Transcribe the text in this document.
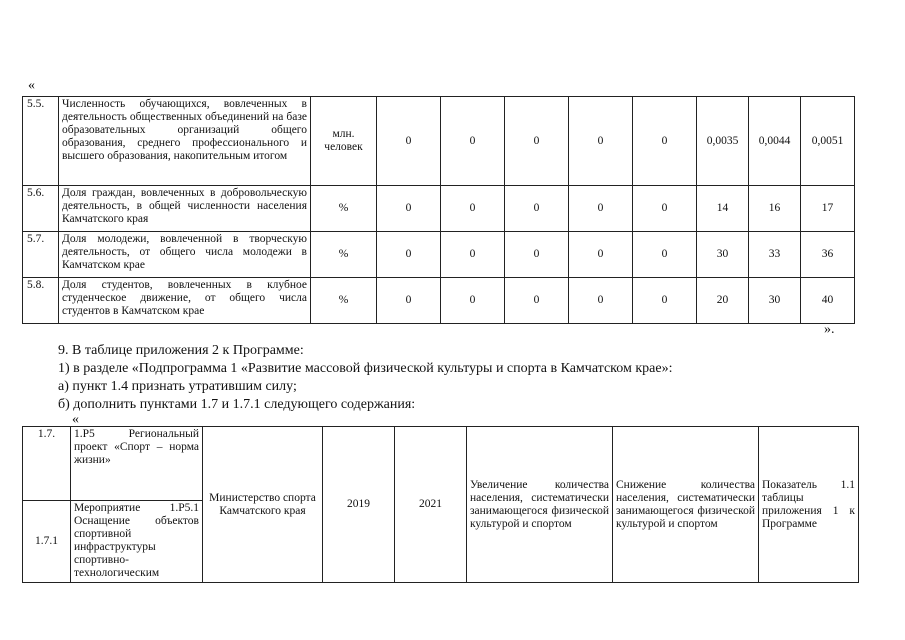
«
5.5.	Численность обучающихся, вовлеченных в деятельность общественных объединений на базе образовательных организаций общего образования, среднего профессионального и высшего образования, накопительным итогом	млн. человек	0	0	0	0	0	0,0035	0,0044	0,0051
5.6.	Доля граждан, вовлеченных в добровольческую деятельность, в общей численности населения Камчатского края	%	0	0	0	0	0	14	16	17
5.7.	Доля молодежи, вовлеченной в творческую деятельность, от общего числа молодежи в Камчатском крае	%	0	0	0	0	0	30	33	36
5.8.	Доля студентов, вовлеченных в клубное студенческое движение, от общего числа студентов в Камчатском крае	%	0	0	0	0	0	20	30	40
».
9. В таблице приложения 2 к Программе:
1) в разделе «Подпрограмма 1 «Развитие массовой физической культуры и спорта в Камчатском крае»:
а) пункт 1.4 признать утратившим силу;
б) дополнить пунктами 1.7 и 1.7.1 следующего содержания:
«
1.7.	1.Р5 Региональный проект «Спорт – норма жизни»	Министерство спорта Камчатского края	2019	2021	Увеличение количества населения, систематически занимающегося физической культурой и спортом	Снижение количества населения, систематически занимающегося физической культурой и спортом	Показатель 1.1 таблицы приложения 1 к Программе
1.7.1	Мероприятие 1.Р5.1 Оснащение объектов спортивной инфраструктуры спортивно-технологическим						
